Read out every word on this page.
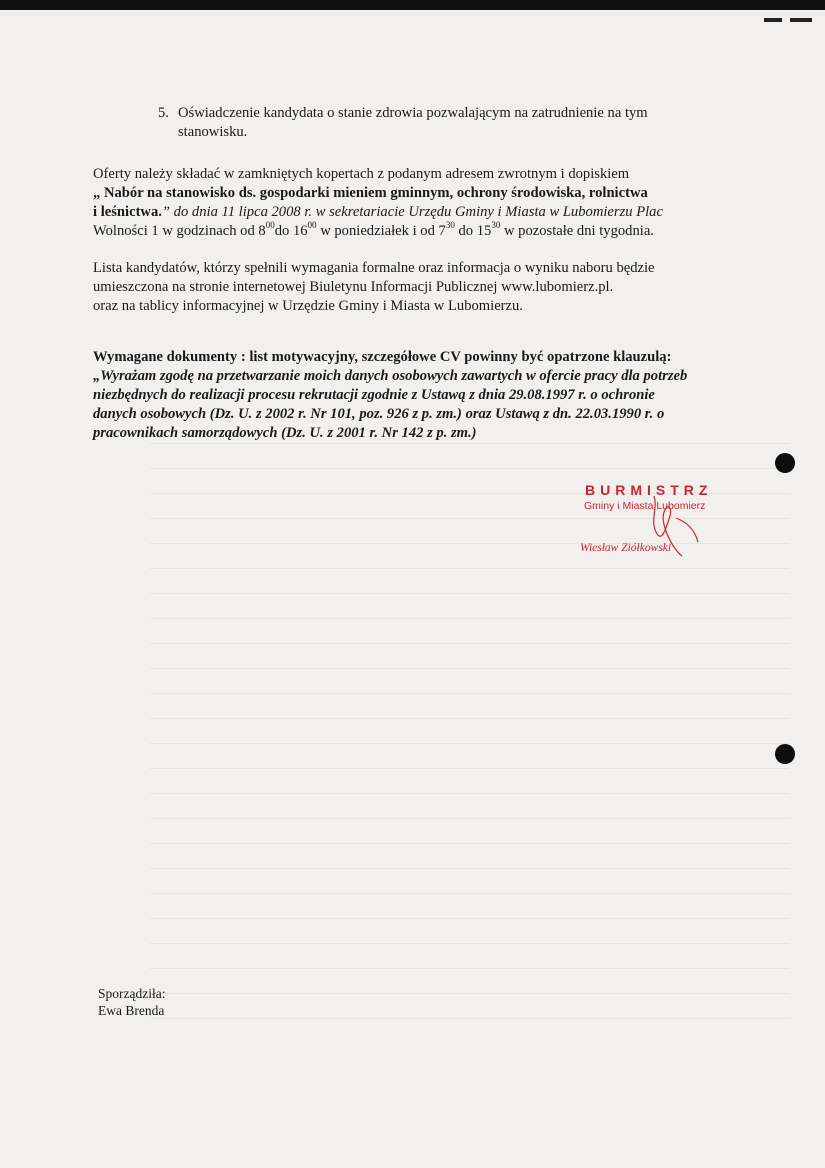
5. Oświadczenie kandydata o stanie zdrowia pozwalającym na zatrudnienie na tym
stanowisku.
Oferty należy składać w zamkniętych kopertach z podanym adresem zwrotnym i dopiskiem
„ Nabór na stanowisko ds. gospodarki mieniem gminnym, ochrony środowiska, rolnictwa
i leśnictwa.” do dnia 11 lipca 2008 r. w sekretariacie Urzędu Gminy i Miasta w Lubomierzu Plac
Wolności 1 w godzinach od $8^{00}do$ $16^{00}$ w poniedziałek i od $7^{30}$ do $15^{30}$ w pozostałe dni tygodnia.
Lista kandydatów, którzy spełnili wymagania formalne oraz informacja o wyniku naboru będzie
umieszczona na stronie internetowej Biuletynu Informacji Publicznej www.lubomierz.pl.
oraz na tablicy informacyjnej w Urzędzie Gminy i Miasta w Lubomierzu.
Wymagane dokumenty : list motywacyjny, szczegółowe CV powinny być opatrzone klauzulą:
„Wyrażam zgodę na przetwarzanie moich danych osobowych zawartych w ofercie pracy dla potrzeb
niezbędnych do realizacji procesu rekrutacji zgodnie z Ustawą z dnia 29.08.1997 r. o ochronie
danych osobowych (Dz. U. z 2002 r. Nr 101, poz. 926 z p. zm.) oraz Ustawą z dn. 22.03.1990 r. o
pracownikach samorządowych (Dz. U. z 2001 r. Nr 142 z p. zm.)
BURMISTRZ
Gminy i Miasta Lubomierz
Wiesław Ziółkowski
Sporządziła:
Ewa Brenda
